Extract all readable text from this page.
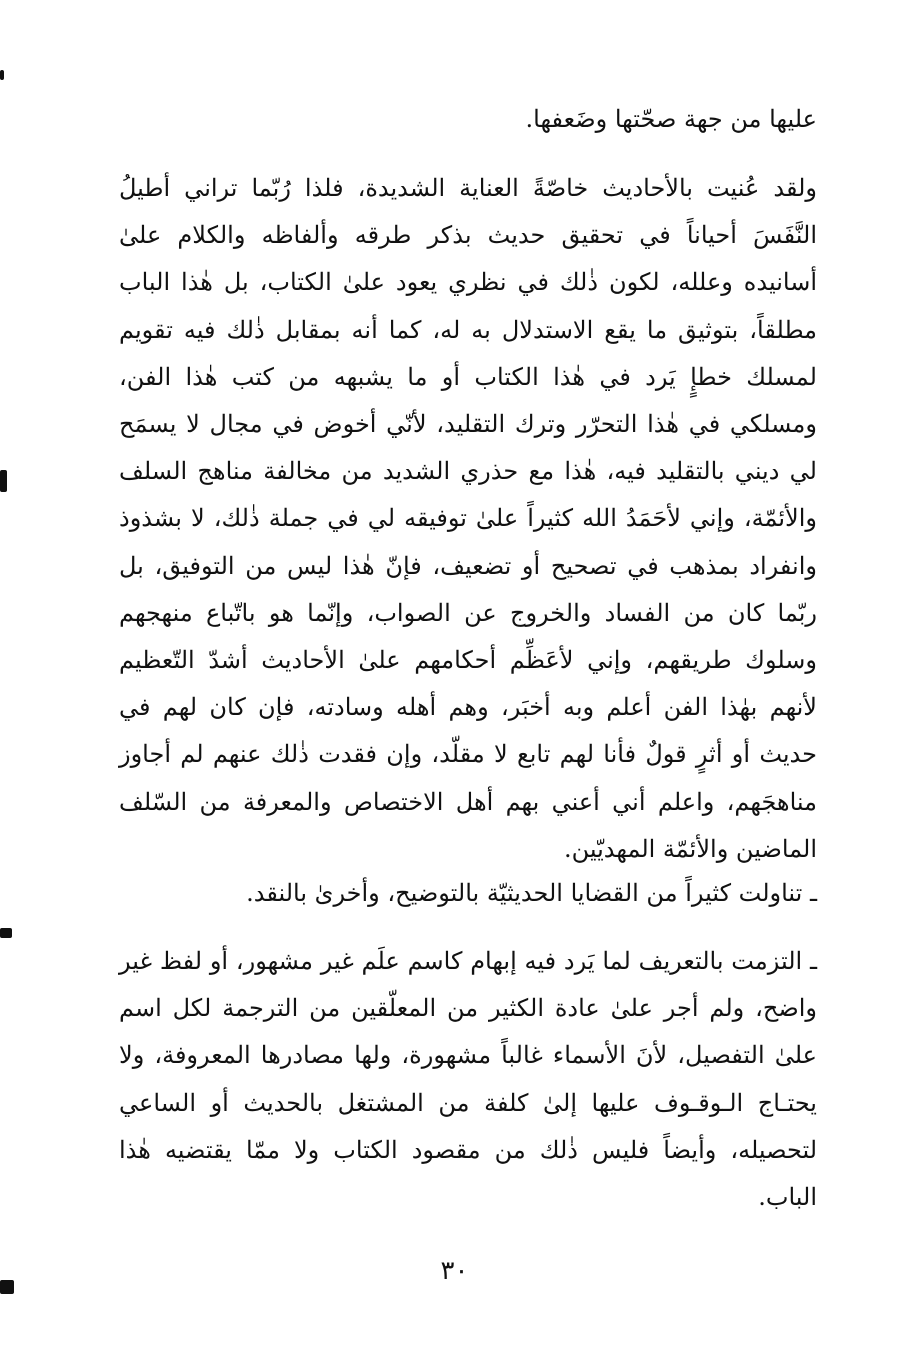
عليها من جهة صحّتها وضَعفها.

ولقد عُنيت بالأحاديث خاصّةً العناية الشديدة، فلذا رُبّما تراني أطيلُ النَّفَسَ أحياناً في تحقيق حديث بذكر طرقه وألفاظه والكلام علىٰ أسانيده وعلله، لكون ذٰلك في نظري يعود علىٰ الكتاب، بل هٰذا الباب مطلقاً، بتوثيق ما يقع الاستدلال به له، كما أنه بمقابل ذٰلك فيه تقويم لمسلك خطإٍ يَرد في هٰذا الكتاب أو ما يشبهه من كتب هٰذا الفن، ومسلكي في هٰذا التحرّر وترك التقليد، لأنّي أخوض في مجال لا يسمَح لي ديني بالتقليد فيه، هٰذا مع حذري الشديد من مخالفة مناهج السلف والأئمّة، وإني لأحَمَدُ الله كثيراً علىٰ توفيقه لي في جملة ذٰلك، لا بشذوذ وانفراد بمذهب في تصحيح أو تضعيف، فإنّ هٰذا ليس من التوفيق، بل ربّما كان من الفساد والخروج عن الصواب، وإنّما هو باتّباع منهجهم وسلوك طريقهم، وإني لأعَظِّم أحكامهم علىٰ الأحاديث أشدّ التّعظيم لأنهم بهٰذا الفن أعلم وبه أخبَر، وهم أهله وسادته، فإن كان لهم في حديث أو أثرٍ قولٌ فأنا لهم تابع لا مقلّد، وإن فقدت ذٰلك عنهم لم أجاوز مناهجَهم، واعلم أني أعني بهم أهل الاختصاص والمعرفة من السّلف الماضين والأئمّة المهديّين.

ـ تناولت كثيراً من القضايا الحديثيّة بالتوضيح، وأخرىٰ بالنقد.

ـ التزمت بالتعريف لما يَرد فيه إبهام كاسم علَم غير مشهور، أو لفظ غير واضح، ولم أجر علىٰ عادة الكثير من المعلّقين من الترجمة لكل اسم علىٰ التفصيل، لأنَ الأسماء غالباً مشهورة، ولها مصادرها المعروفة، ولا يحتـاج الـوقـوف عليها إلىٰ كلفة من المشتغل بالحديث أو الساعي لتحصيله، وأيضاً فليس ذٰلك من مقصود الكتاب ولا ممّا يقتضيه هٰذا الباب.

٣٠
